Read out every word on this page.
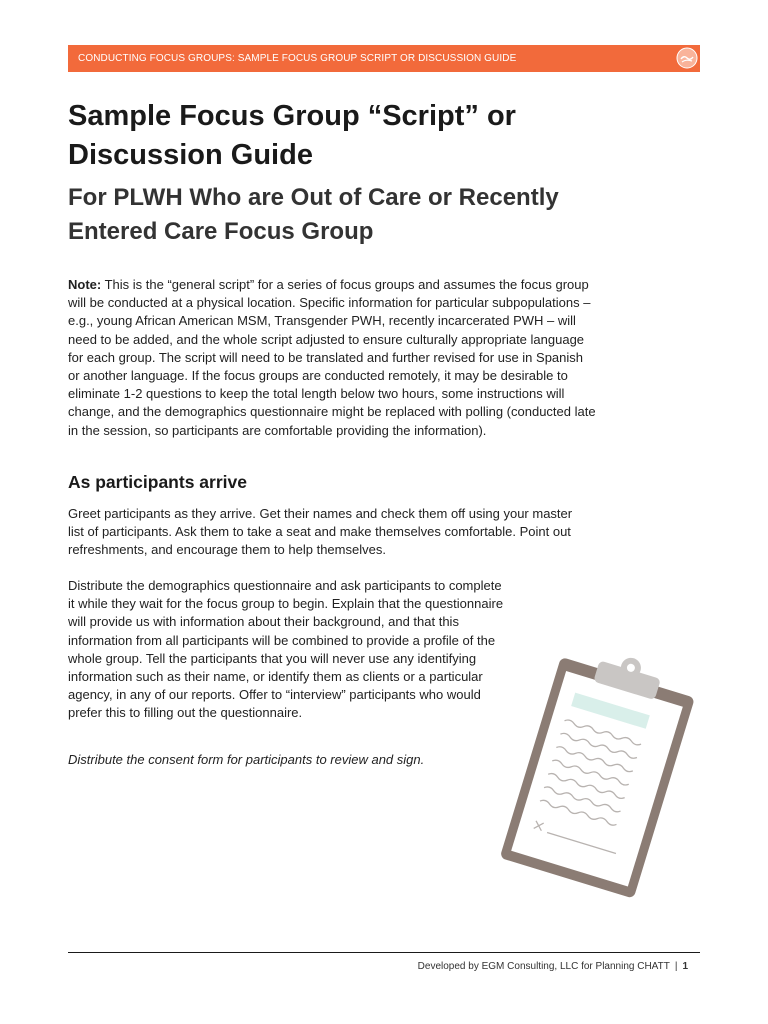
CONDUCTING FOCUS GROUPS: SAMPLE FOCUS GROUP SCRIPT OR DISCUSSION GUIDE
Sample Focus Group “Script” or
Discussion Guide
For PLWH Who are Out of Care or Recently
Entered Care Focus Group

Note: This is the “general script” for a series of focus groups and assumes the focus group will be conducted at a physical location. Specific information for particular subpopulations – e.g., young African American MSM, Transgender PWH, recently incarcerated PWH – will need to be added, and the whole script adjusted to ensure culturally appropriate language for each group. The script will need to be translated and further revised for use in Spanish or another language. If the focus groups are conducted remotely, it may be desirable to eliminate 1-2 questions to keep the total length below two hours, some instructions will change, and the demographics questionnaire might be replaced with polling (conducted late in the session, so participants are comfortable providing the information).

As participants arrive

Greet participants as they arrive. Get their names and check them off using your master list of participants. Ask them to take a seat and make themselves comfortable. Point out refreshments, and encourage them to help themselves.

Distribute the demographics questionnaire and ask participants to complete it while they wait for the focus group to begin. Explain that the questionnaire will provide us with information about their background, and that this information from all participants will be combined to provide a profile of the whole group. Tell the participants that you will never use any identifying information such as their name, or identify them as clients or a particular agency, in any of our reports. Offer to “interview” participants who would prefer this to filling out the questionnaire.

Distribute the consent form for participants to review and sign.

Developed by EGM Consulting, LLC for Planning CHATT | 1
